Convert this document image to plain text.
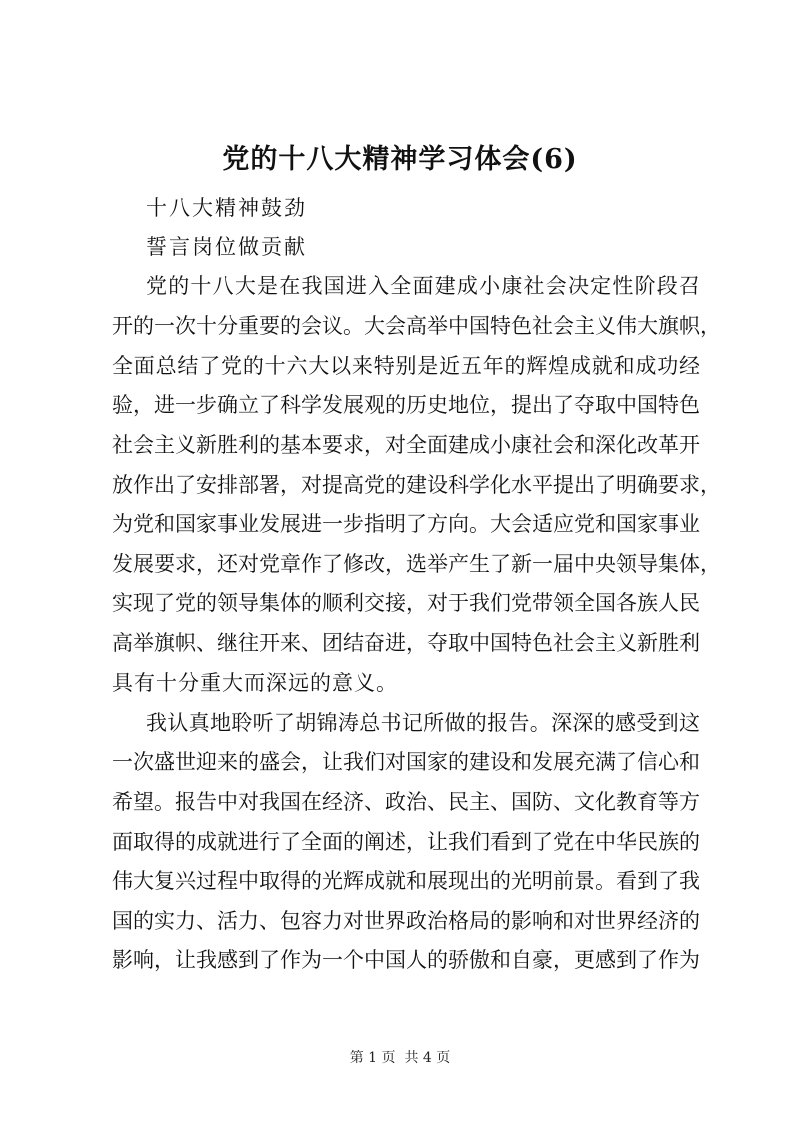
党的十八大精神学习体会(6)
十八大精神鼓劲
誓言岗位做贡献
党的十八大是在我国进入全面建成小康社会决定性阶段召
开的一次十分重要的会议。大会高举中国特色社会主义伟大旗帜，
全面总结了党的十六大以来特别是近五年的辉煌成就和成功经
验，进一步确立了科学发展观的历史地位，提出了夺取中国特色
社会主义新胜利的基本要求，对全面建成小康社会和深化改革开
放作出了安排部署，对提高党的建设科学化水平提出了明确要求，
为党和国家事业发展进一步指明了方向。大会适应党和国家事业
发展要求，还对党章作了修改，选举产生了新一届中央领导集体，
实现了党的领导集体的顺利交接，对于我们党带领全国各族人民
高举旗帜、继往开来、团结奋进，夺取中国特色社会主义新胜利
具有十分重大而深远的意义。
我认真地聆听了胡锦涛总书记所做的报告。深深的感受到这
一次盛世迎来的盛会，让我们对国家的建设和发展充满了信心和
希望。报告中对我国在经济、政治、民主、国防、文化教育等方
面取得的成就进行了全面的阐述，让我们看到了党在中华民族的
伟大复兴过程中取得的光辉成就和展现出的光明前景。看到了我
国的实力、活力、包容力对世界政治格局的影响和对世界经济的
影响，让我感到了作为一个中国人的骄傲和自豪，更感到了作为
第 1 页  共 4 页
